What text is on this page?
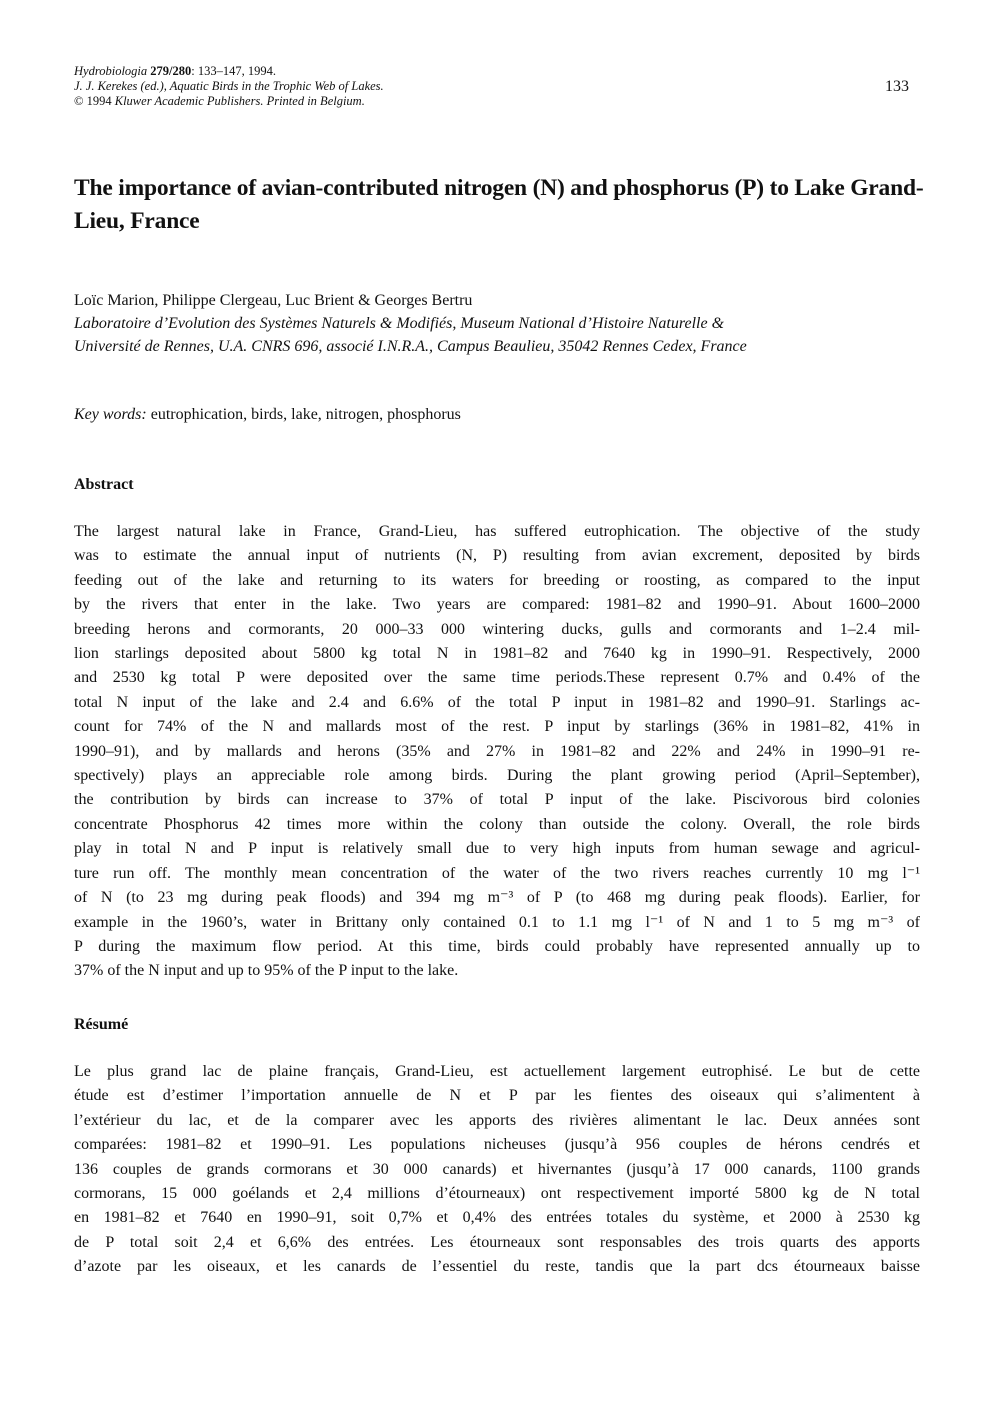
Hydrobiologia 279/280: 133–147, 1994.
J. J. Kerekes (ed.), Aquatic Birds in the Trophic Web of Lakes.
© 1994 Kluwer Academic Publishers. Printed in Belgium.
133
The importance of avian-contributed nitrogen (N) and phosphorus (P) to Lake Grand-Lieu, France
Loïc Marion, Philippe Clergeau, Luc Brient & Georges Bertru
Laboratoire d’Evolution des Systèmes Naturels & Modifiés, Museum National d’Histoire Naturelle &
Université de Rennes, U.A. CNRS 696, associé I.N.R.A., Campus Beaulieu, 35042 Rennes Cedex, France
Key words: eutrophication, birds, lake, nitrogen, phosphorus
Abstract
The largest natural lake in France, Grand-Lieu, has suffered eutrophication. The objective of the study
was to estimate the annual input of nutrients (N, P) resulting from avian excrement, deposited by birds
feeding out of the lake and returning to its waters for breeding or roosting, as compared to the input
by the rivers that enter in the lake. Two years are compared: 1981–82 and 1990–91. About 1600–2000
breeding herons and cormorants, 20 000–33 000 wintering ducks, gulls and cormorants and 1–2.4 mil-
lion starlings deposited about 5800 kg total N in 1981–82 and 7640 kg in 1990–91. Respectively, 2000
and 2530 kg total P were deposited over the same time periods.These represent 0.7% and 0.4% of the
total N input of the lake and 2.4 and 6.6% of the total P input in 1981–82 and 1990–91. Starlings ac-
count for 74% of the N and mallards most of the rest. P input by starlings (36% in 1981–82, 41% in
1990–91), and by mallards and herons (35% and 27% in 1981–82 and 22% and 24% in 1990–91 re-
spectively) plays an appreciable role among birds. During the plant growing period (April–September),
the contribution by birds can increase to 37% of total P input of the lake. Piscivorous bird colonies
concentrate Phosphorus 42 times more within the colony than outside the colony. Overall, the role birds
play in total N and P input is relatively small due to very high inputs from human sewage and agricul-
ture run off. The monthly mean concentration of the water of the two rivers reaches currently 10 mg l⁻¹
of N (to 23 mg during peak floods) and 394 mg m⁻³ of P (to 468 mg during peak floods). Earlier, for
example in the 1960’s, water in Brittany only contained 0.1 to 1.1 mg l⁻¹ of N and 1 to 5 mg m⁻³ of
P during the maximum flow period. At this time, birds could probably have represented annually up to
37% of the N input and up to 95% of the P input to the lake.
Résumé
Le plus grand lac de plaine français, Grand-Lieu, est actuellement largement eutrophisé. Le but de cette
étude est d’estimer l’importation annuelle de N et P par les fientes des oiseaux qui s’alimentent à
l’extérieur du lac, et de la comparer avec les apports des rivières alimentant le lac. Deux années sont
comparées: 1981–82 et 1990–91. Les populations nicheuses (jusqu’à 956 couples de hérons cendrés et
136 couples de grands cormorans et 30 000 canards) et hivernantes (jusqu’à 17 000 canards, 1100 grands
cormorans, 15 000 goélands et 2,4 millions d’étourneaux) ont respectivement importé 5800 kg de N total
en 1981–82 et 7640 en 1990–91, soit 0,7% et 0,4% des entrées totales du système, et 2000 à 2530 kg
de P total soit 2,4 et 6,6% des entrées. Les étourneaux sont responsables des trois quarts des apports
d’azote par les oiseaux, et les canards de l’essentiel du reste, tandis que la part dcs étourneaux baisse
